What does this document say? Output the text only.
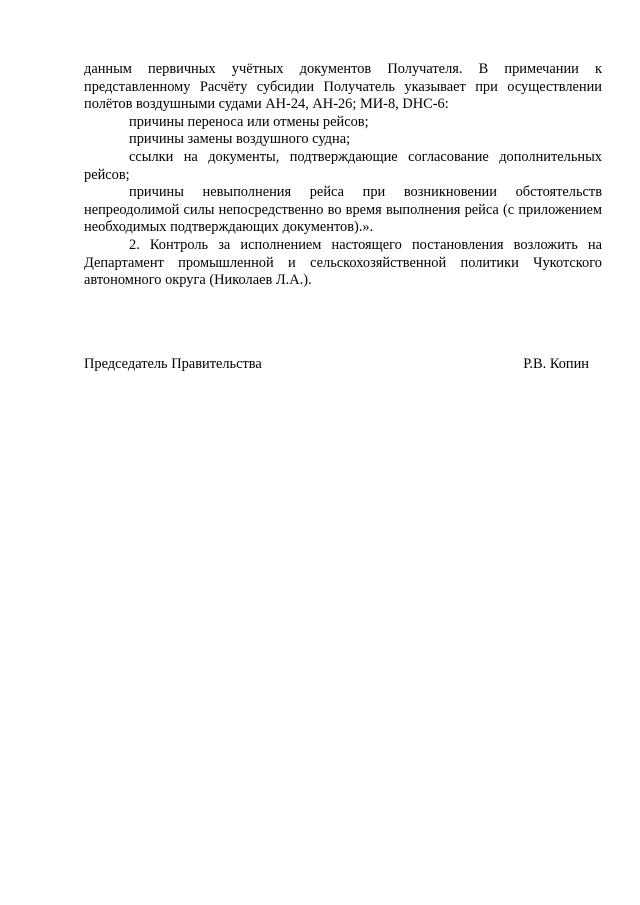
данным первичных учётных документов Получателя. В примечании к представленному Расчёту субсидии Получатель указывает при осуществлении полётов воздушными судами АН-24, АН-26; МИ-8, DHC-6:

причины переноса или отмены рейсов;

причины замены воздушного судна;

ссылки на документы, подтверждающие согласование дополнительных рейсов;

причины невыполнения рейса при возникновении обстоятельств непреодолимой силы непосредственно во время выполнения рейса (с приложением необходимых подтверждающих документов).».

2. Контроль за исполнением настоящего постановления возложить на Департамент промышленной и сельскохозяйственной политики Чукотского автономного округа (Николаев Л.А.).

Председатель Правительства	Р.В. Копин
